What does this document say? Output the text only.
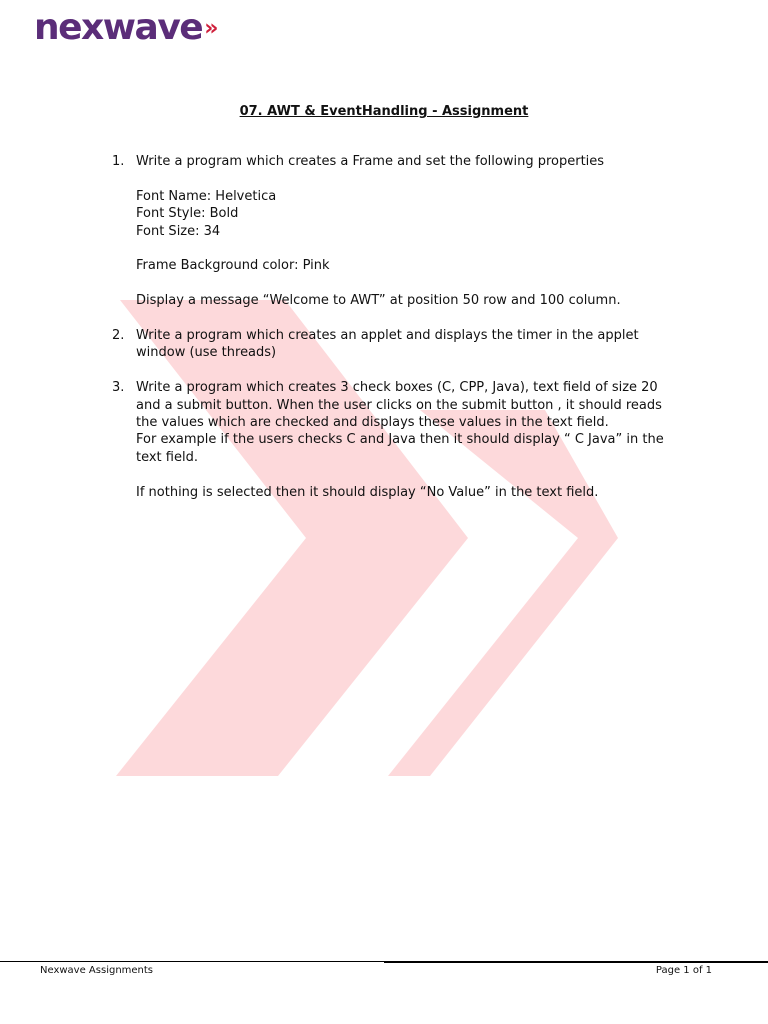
nexwave»
07. AWT & EventHandling - Assignment
1. Write a program which creates a Frame and set the following properties

Font Name: Helvetica

Font Style: Bold

Font Size: 34

Frame Background color: Pink

Display a message “Welcome to AWT” at position 50 row and 100 column.

2. Write a program which creates an applet and displays the timer in the applet window (use threads)

3. Write a program which creates 3 check boxes (C, CPP, Java), text field of size 20 and a submit button. When the user clicks on the submit button , it should reads the values which are checked and displays these values in the text field.

For example if the users checks C and Java then it should display “ C Java” in the text field.

If nothing is selected then it should display “No Value” in the text field.

Nexwave Assignments	Page 1 of 1
